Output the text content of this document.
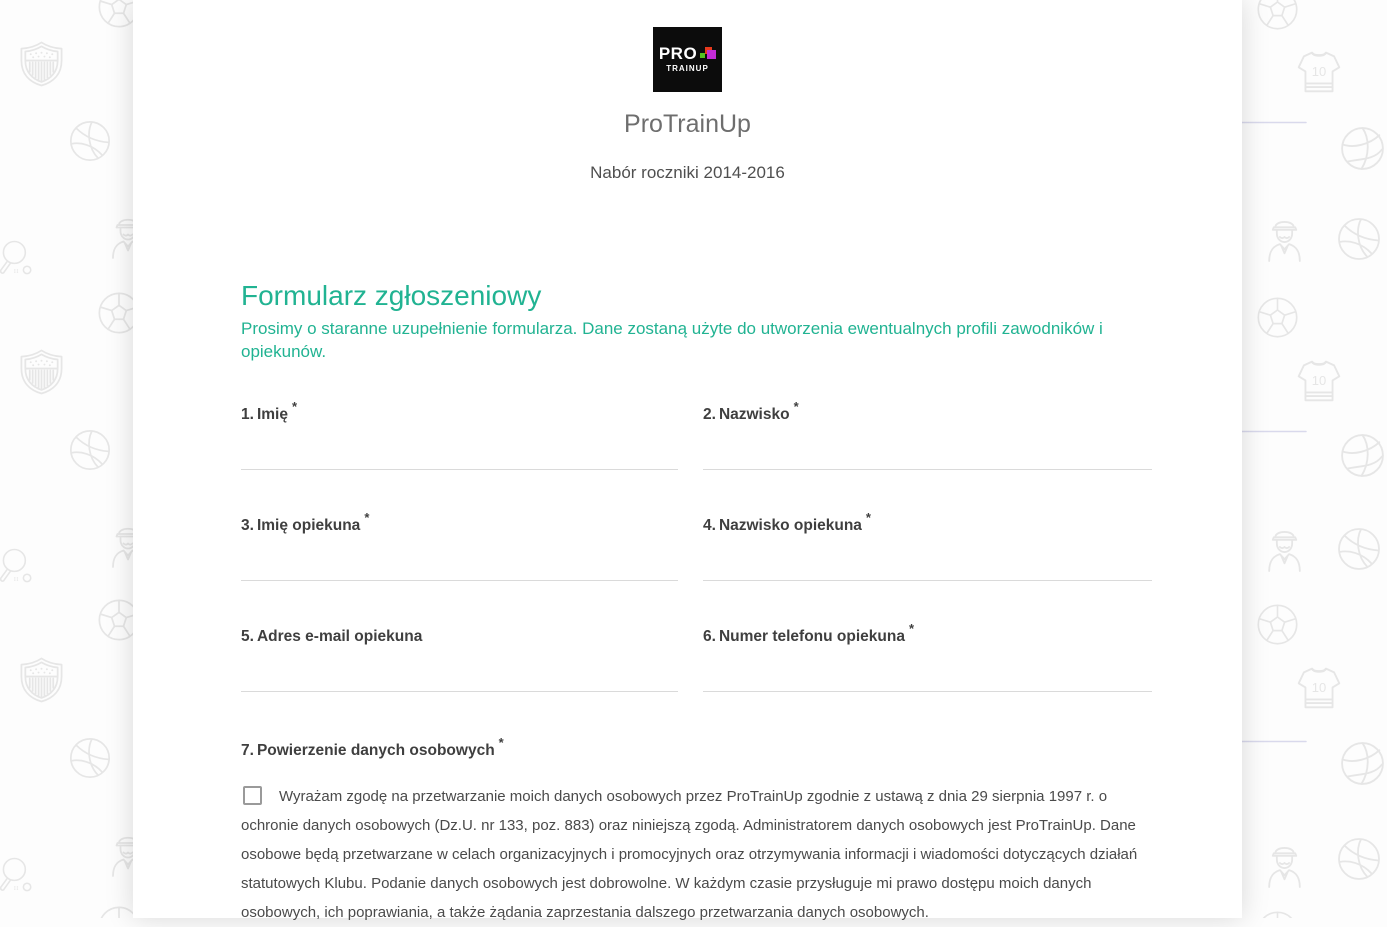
PRO
TRAINUP
ProTrainUp
Nabór roczniki 2014-2016
Formularz zgłoszeniowy
Prosimy o staranne uzupełnienie formularza. Dane zostaną użyte do utworzenia ewentualnych profili zawodników i opiekunów.
1. Imię *	2. Nazwisko *
3. Imię opiekuna *	4. Nazwisko opiekuna *
5. Adres e-mail opiekuna	6. Numer telefonu opiekuna *
7. Powierzenie danych osobowych *
Wyrażam zgodę na przetwarzanie moich danych osobowych przez ProTrainUp zgodnie z ustawą z dnia 29 sierpnia 1997 r. o ochronie danych osobowych (Dz.U. nr 133, poz. 883) oraz niniejszą zgodą. Administratorem danych osobowych jest ProTrainUp. Dane osobowe będą przetwarzane w celach organizacyjnych i promocyjnych oraz otrzymywania informacji i wiadomości dotyczących działań statutowych Klubu. Podanie danych osobowych jest dobrowolne. W każdym czasie przysługuje mi prawo dostępu moich danych osobowych, ich poprawiania, a także żądania zaprzestania dalszego przetwarzania danych osobowych.
